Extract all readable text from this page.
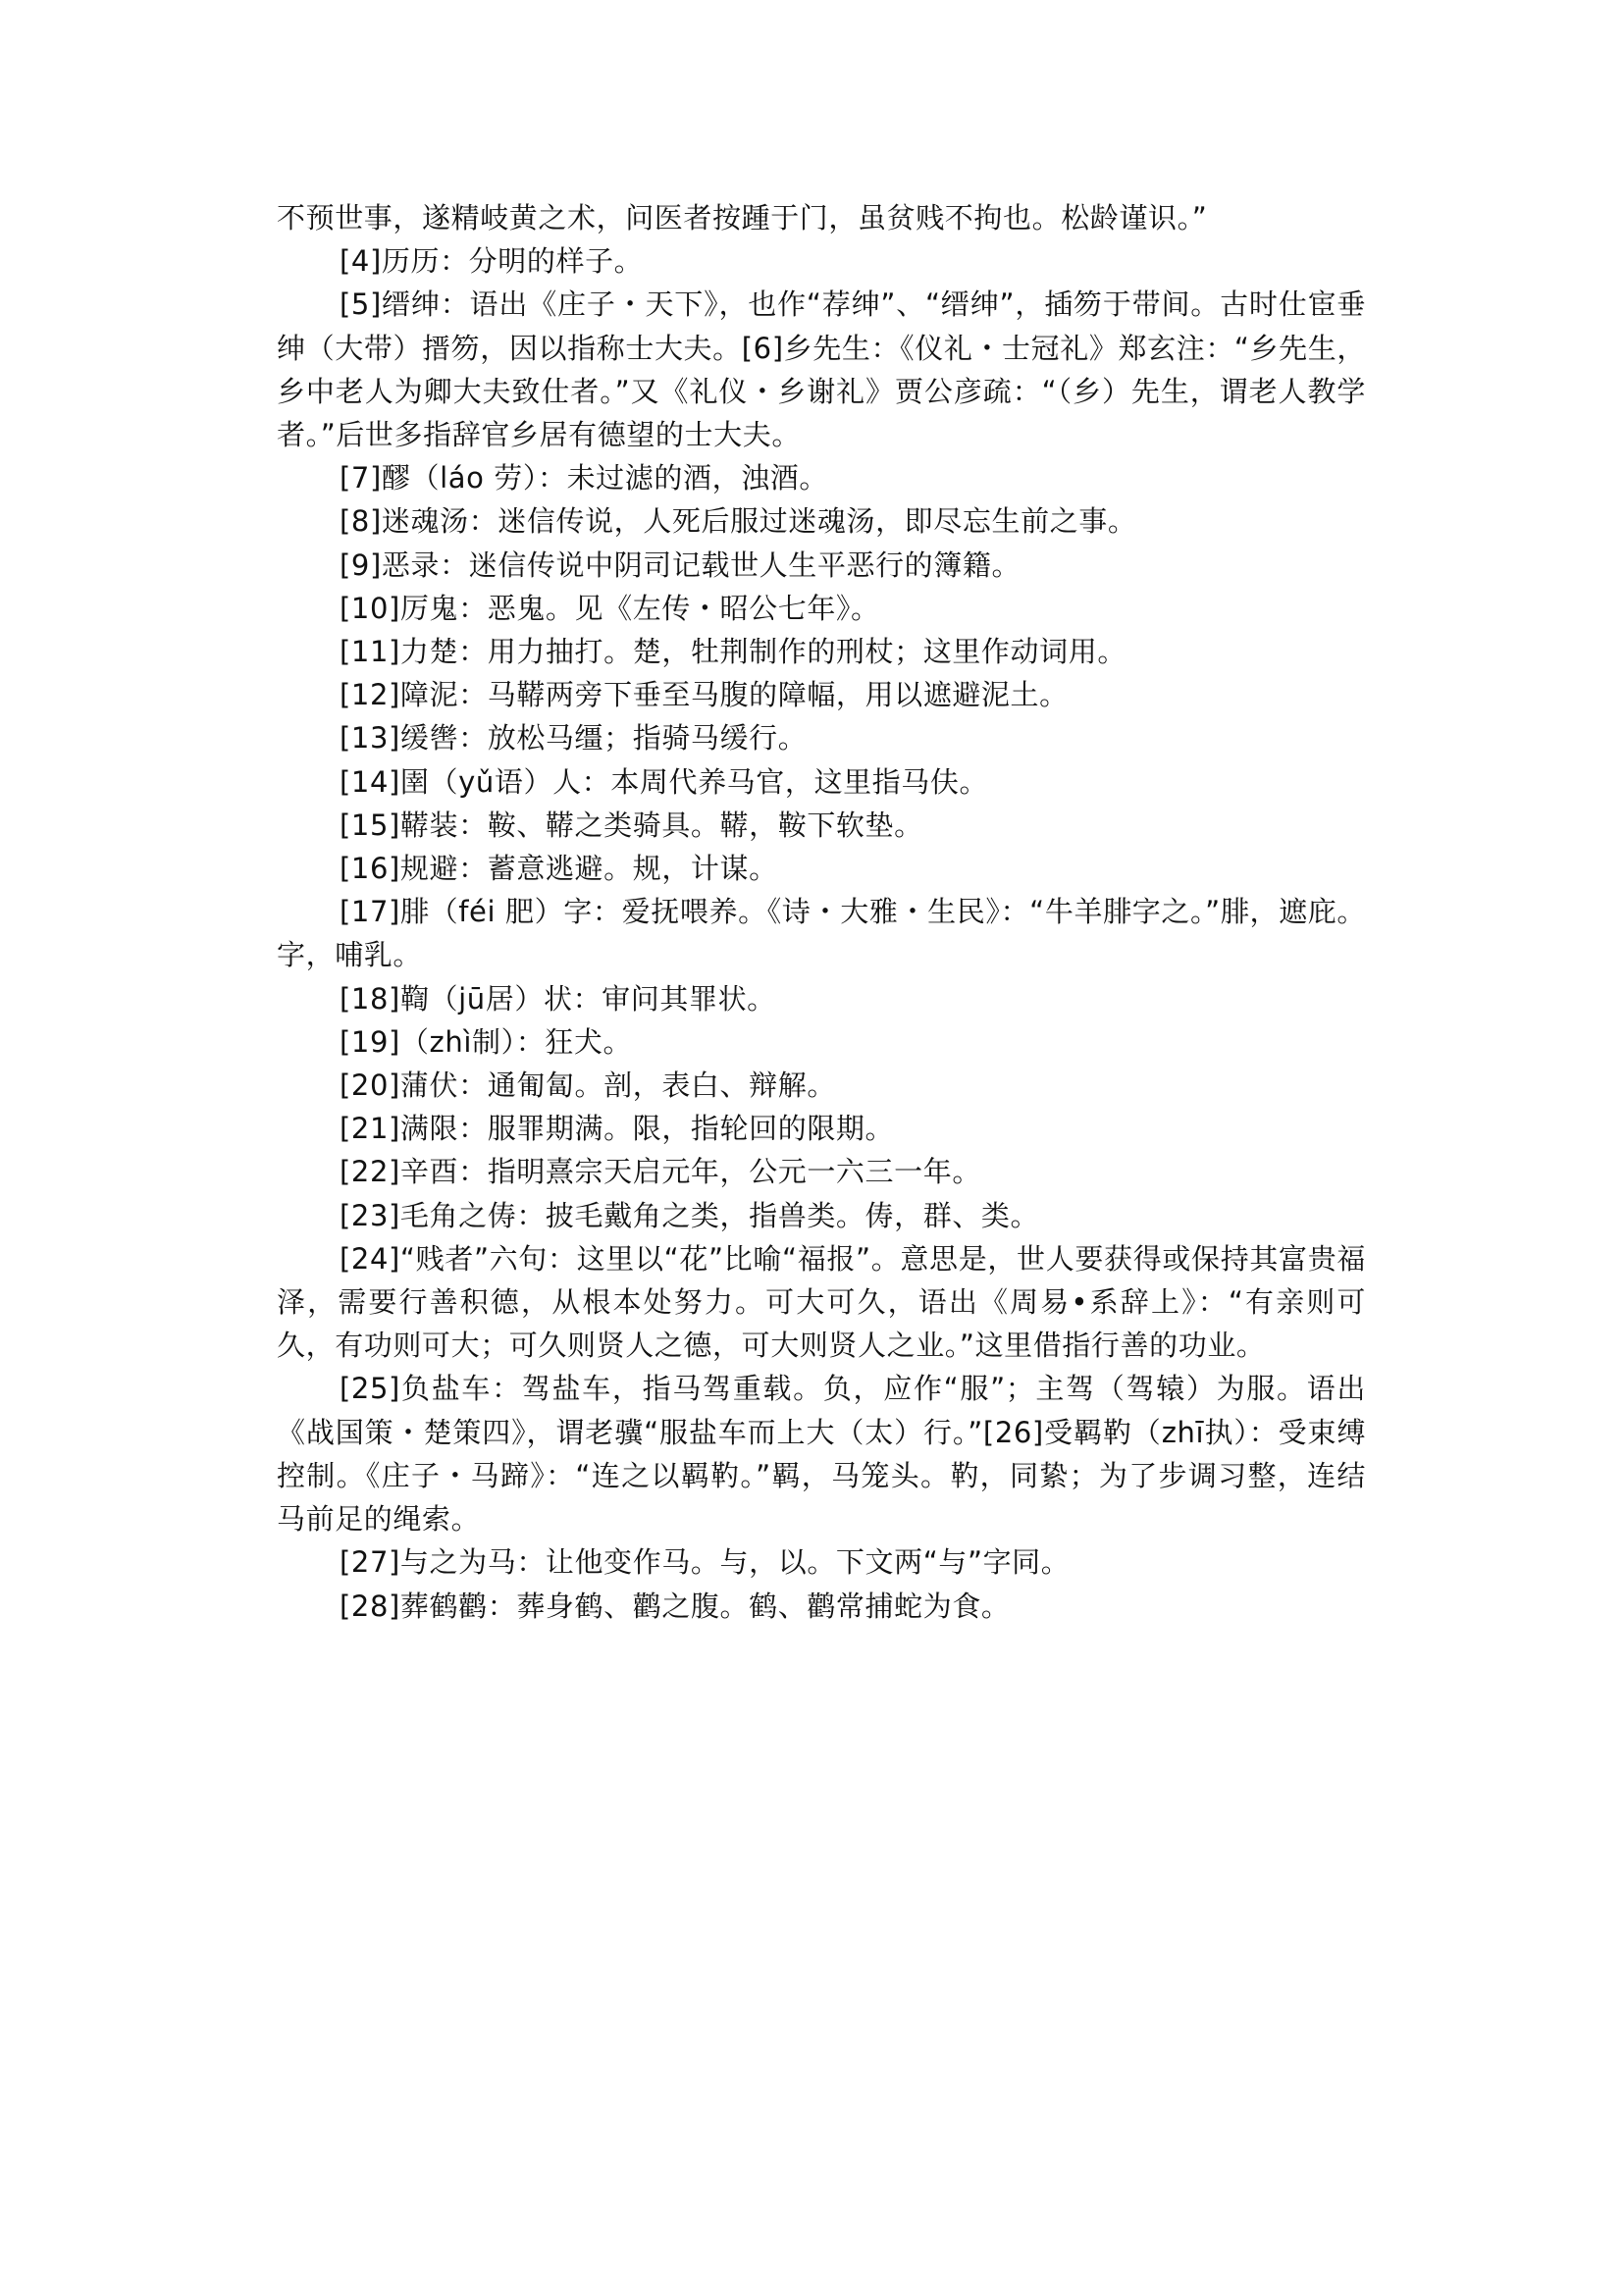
不预世事，遂精岐黄之术，问医者按踵于门，虽贫贱不拘也。松龄谨识。”

[4]历历：分明的样子。

[5]缙绅：语出《庄子・天下》，也作“荐绅”、“缙绅”，插笏于带间。古时仕宦垂绅（大带）搢笏，因以指称士大夫。[6]乡先生：《仪礼・士冠礼》郑玄注：“乡先生，乡中老人为卿大夫致仕者。”又《礼仪・乡谢礼》贾公彦疏：“（乡）先生，谓老人教学者。”后世多指辞官乡居有德望的士大夫。

[7]醪（láo 劳）：未过滤的酒，浊酒。

[8]迷魂汤：迷信传说，人死后服过迷魂汤，即尽忘生前之事。

[9]恶录：迷信传说中阴司记载世人生平恶行的簿籍。

[10]厉鬼：恶鬼。见《左传・昭公七年》。

[11]力楚：用力抽打。楚，牡荆制作的刑杖；这里作动词用。

[12]障泥：马鞯两旁下垂至马腹的障幅，用以遮避泥土。

[13]缓辔：放松马缰；指骑马缓行。

[14]圉（yǔ语）人：本周代养马官，这里指马伕。

[15]鞯装：鞍、鞯之类骑具。鞯，鞍下软垫。

[16]规避：蓄意逃避。规，计谋。

[17]腓（féi 肥）字：爱抚喂养。《诗・大雅・生民》：“牛羊腓字之。”腓，遮庇。字，哺乳。

[18]鞫（jū居）状：审问其罪状。

[19]（zhì制）：狂犬。

[20]蒲伏：通匍匐。剖，表白、辩解。

[21]满限：服罪期满。限，指轮回的限期。

[22]辛酉：指明熹宗天启元年，公元一六三一年。

[23]毛角之俦：披毛戴角之类，指兽类。俦，群、类。

[24]“贱者”六句：这里以“花”比喻“福报”。意思是，世人要获得或保持其富贵福泽，需要行善积德，从根本处努力。可大可久，语出《周易•系辞上》：“有亲则可久，有功则可大；可久则贤人之德，可大则贤人之业。”这里借指行善的功业。

[25]负盐车：驾盐车，指马驾重载。负，应作“服”；主驾（驾辕）为服。语出《战国策・楚策四》，谓老骥“服盐车而上大（太）行。”[26]受羁靮（zhī执）：受束缚控制。《庄子・马蹄》：“连之以羁靮。”羁，马笼头。靮，同絷；为了步调习整，连结马前足的绳索。

[27]与之为马：让他变作马。与，以。下文两“与”字同。

[28]葬鹤鹳：葬身鹤、鹳之腹。鹤、鹳常捕蛇为食。
